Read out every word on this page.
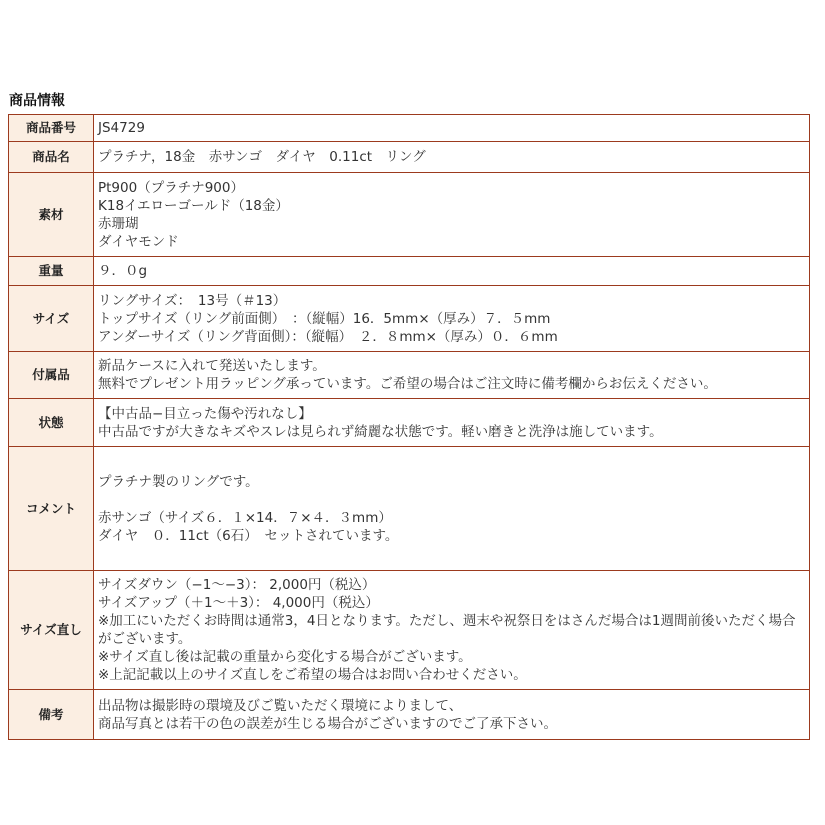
商品情報
商品番号	JS4729

商品名	プラチナ，18金　赤サンゴ　ダイヤ　0.11ct　リング

素材	Pt900（プラチナ900）
K18イエローゴールド（18金）
赤珊瑚
ダイヤモンド

重量	９．０g

サイズ	リングサイズ：　13号（＃13）
トップサイズ（リング前面側）　：（縦幅）16．5mm×（厚み）７．５mm
アンダーサイズ（リング背面側）：（縦幅）　２．８mm×（厚み）０．６mm

付属品	新品ケースに入れて発送いたします。
無料でプレゼント用ラッピング承っています。ご希望の場合はご注文時に備考欄からお伝えください。

状態	【中古品−目立った傷や汚れなし】
中古品ですが大きなキズやスレは見られず綺麗な状態です。軽い磨きと洗浄は施しています。

コメント	プラチナ製のリングです。
赤サンゴ（サイズ６．１×14．７×４．３mm）
ダイヤ　０．11ct（6石）　セットされています。

サイズ直し	サイズダウン（−1〜−3）： 2,000円（税込）
サイズアップ（＋1〜＋3）： 4,000円（税込）
※加工にいただくお時間は通常3，4日となります。ただし、週末や祝祭日をはさんだ場合は1週間前後いただく場合がございます。
※サイズ直し後は記載の重量から変化する場合がございます。
※上記記載以上のサイズ直しをご希望の場合はお問い合わせください。

備考	出品物は撮影時の環境及びご覧いただく環境によりまして、
商品写真とは若干の色の誤差が生じる場合がございますのでご了承下さい。
